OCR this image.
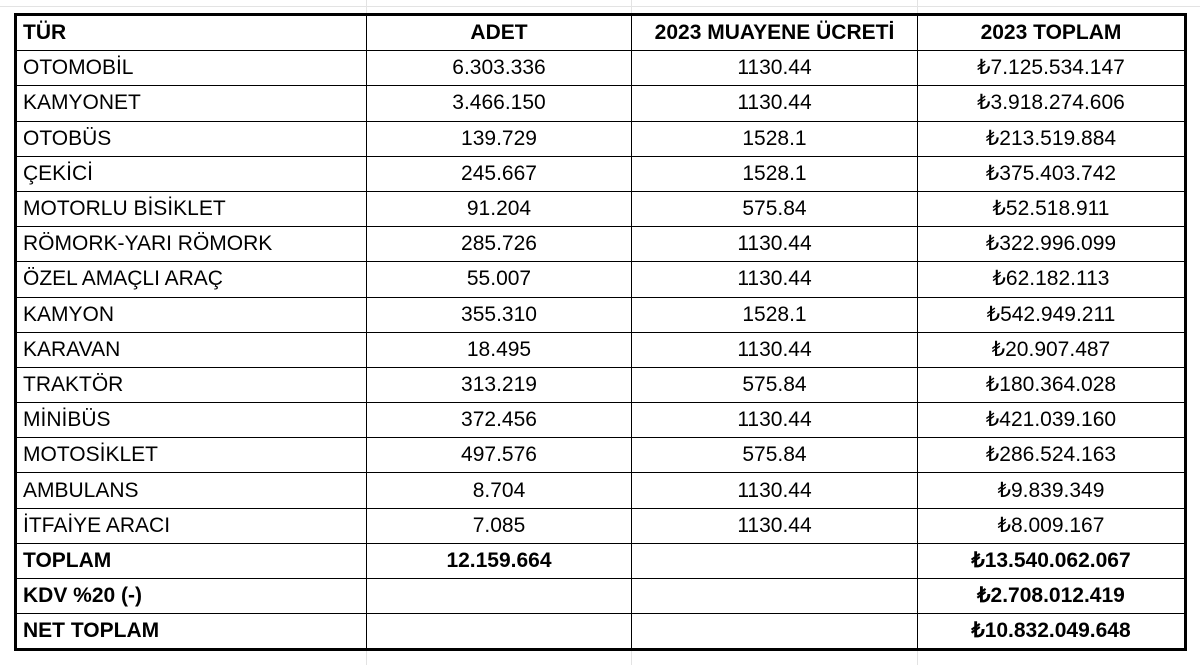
TÜR	ADET	2023 MUAYENE ÜCRETİ	2023 TOPLAM
OTOMOBİL	6.303.336	1130.44	₺7.125.534.147
KAMYONET	3.466.150	1130.44	₺3.918.274.606
OTOBÜS	139.729	1528.1	₺213.519.884
ÇEKİCİ	245.667	1528.1	₺375.403.742
MOTORLU BİSİKLET	91.204	575.84	₺52.518.911
RÖMORK-YARI RÖMORK	285.726	1130.44	₺322.996.099
ÖZEL AMAÇLI ARAÇ	55.007	1130.44	₺62.182.113
KAMYON	355.310	1528.1	₺542.949.211
KARAVAN	18.495	1130.44	₺20.907.487
TRAKTÖR	313.219	575.84	₺180.364.028
MİNİBÜS	372.456	1130.44	₺421.039.160
MOTOSİKLET	497.576	575.84	₺286.524.163
AMBULANS	8.704	1130.44	₺9.839.349
İTFAİYE ARACI	7.085	1130.44	₺8.009.167
TOPLAM	12.159.664		₺13.540.062.067
KDV %20 (-)			₺2.708.012.419
NET TOPLAM			₺10.832.049.648
